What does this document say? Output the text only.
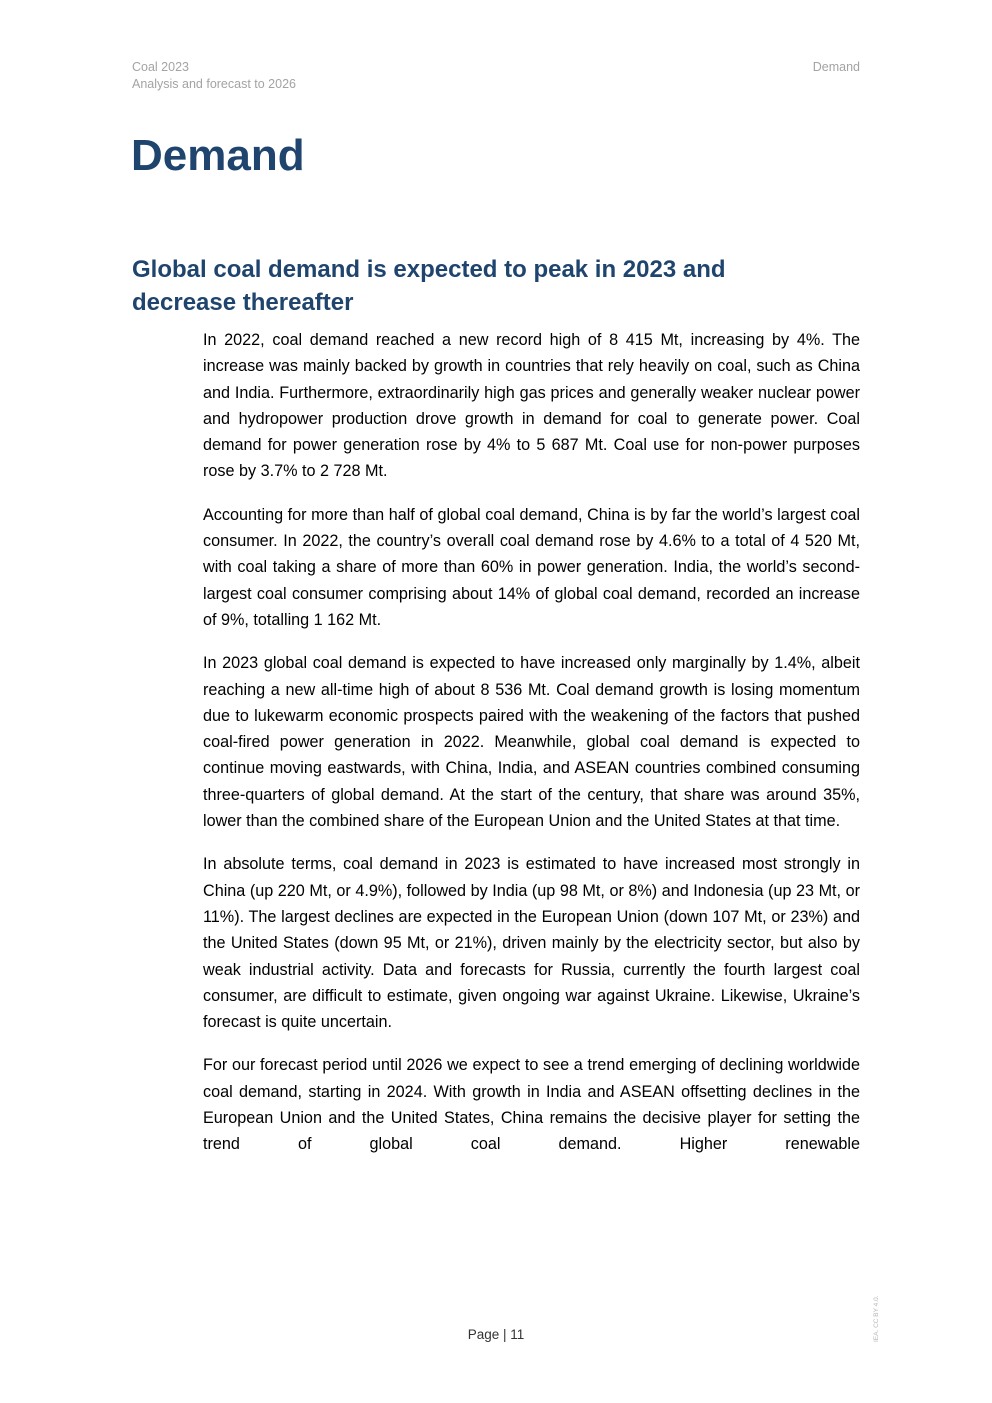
Coal 2023
Analysis and forecast to 2026
Demand
Demand
Global coal demand is expected to peak in 2023 and decrease thereafter

In 2022, coal demand reached a new record high of 8 415 Mt, increasing by 4%. The increase was mainly backed by growth in countries that rely heavily on coal, such as China and India. Furthermore, extraordinarily high gas prices and generally weaker nuclear power and hydropower production drove growth in demand for coal to generate power. Coal demand for power generation rose by 4% to 5 687 Mt. Coal use for non-power purposes rose by 3.7% to 2 728 Mt.

Accounting for more than half of global coal demand, China is by far the world’s largest coal consumer. In 2022, the country’s overall coal demand rose by 4.6% to a total of 4 520 Mt, with coal taking a share of more than 60% in power generation. India, the world’s second-largest coal consumer comprising about 14% of global coal demand, recorded an increase of 9%, totalling 1 162 Mt.

In 2023 global coal demand is expected to have increased only marginally by 1.4%, albeit reaching a new all-time high of about 8 536 Mt. Coal demand growth is losing momentum due to lukewarm economic prospects paired with the weakening of the factors that pushed coal-fired power generation in 2022. Meanwhile, global coal demand is expected to continue moving eastwards, with China, India, and ASEAN countries combined consuming three-quarters of global demand. At the start of the century, that share was around 35%, lower than the combined share of the European Union and the United States at that time.

In absolute terms, coal demand in 2023 is estimated to have increased most strongly in China (up 220 Mt, or 4.9%), followed by India (up 98 Mt, or 8%) and Indonesia (up 23 Mt, or 11%). The largest declines are expected in the European Union (down 107 Mt, or 23%) and the United States (down 95 Mt, or 21%), driven mainly by the electricity sector, but also by weak industrial activity. Data and forecasts for Russia, currently the fourth largest coal consumer, are difficult to estimate, given ongoing war against Ukraine. Likewise, Ukraine’s forecast is quite uncertain.

For our forecast period until 2026 we expect to see a trend emerging of declining worldwide coal demand, starting in 2024. With growth in India and ASEAN offsetting declines in the European Union and the United States, China remains the decisive player for setting the trend of global coal demand. Higher renewable

Page | 11	IEA. CC BY 4.0.
